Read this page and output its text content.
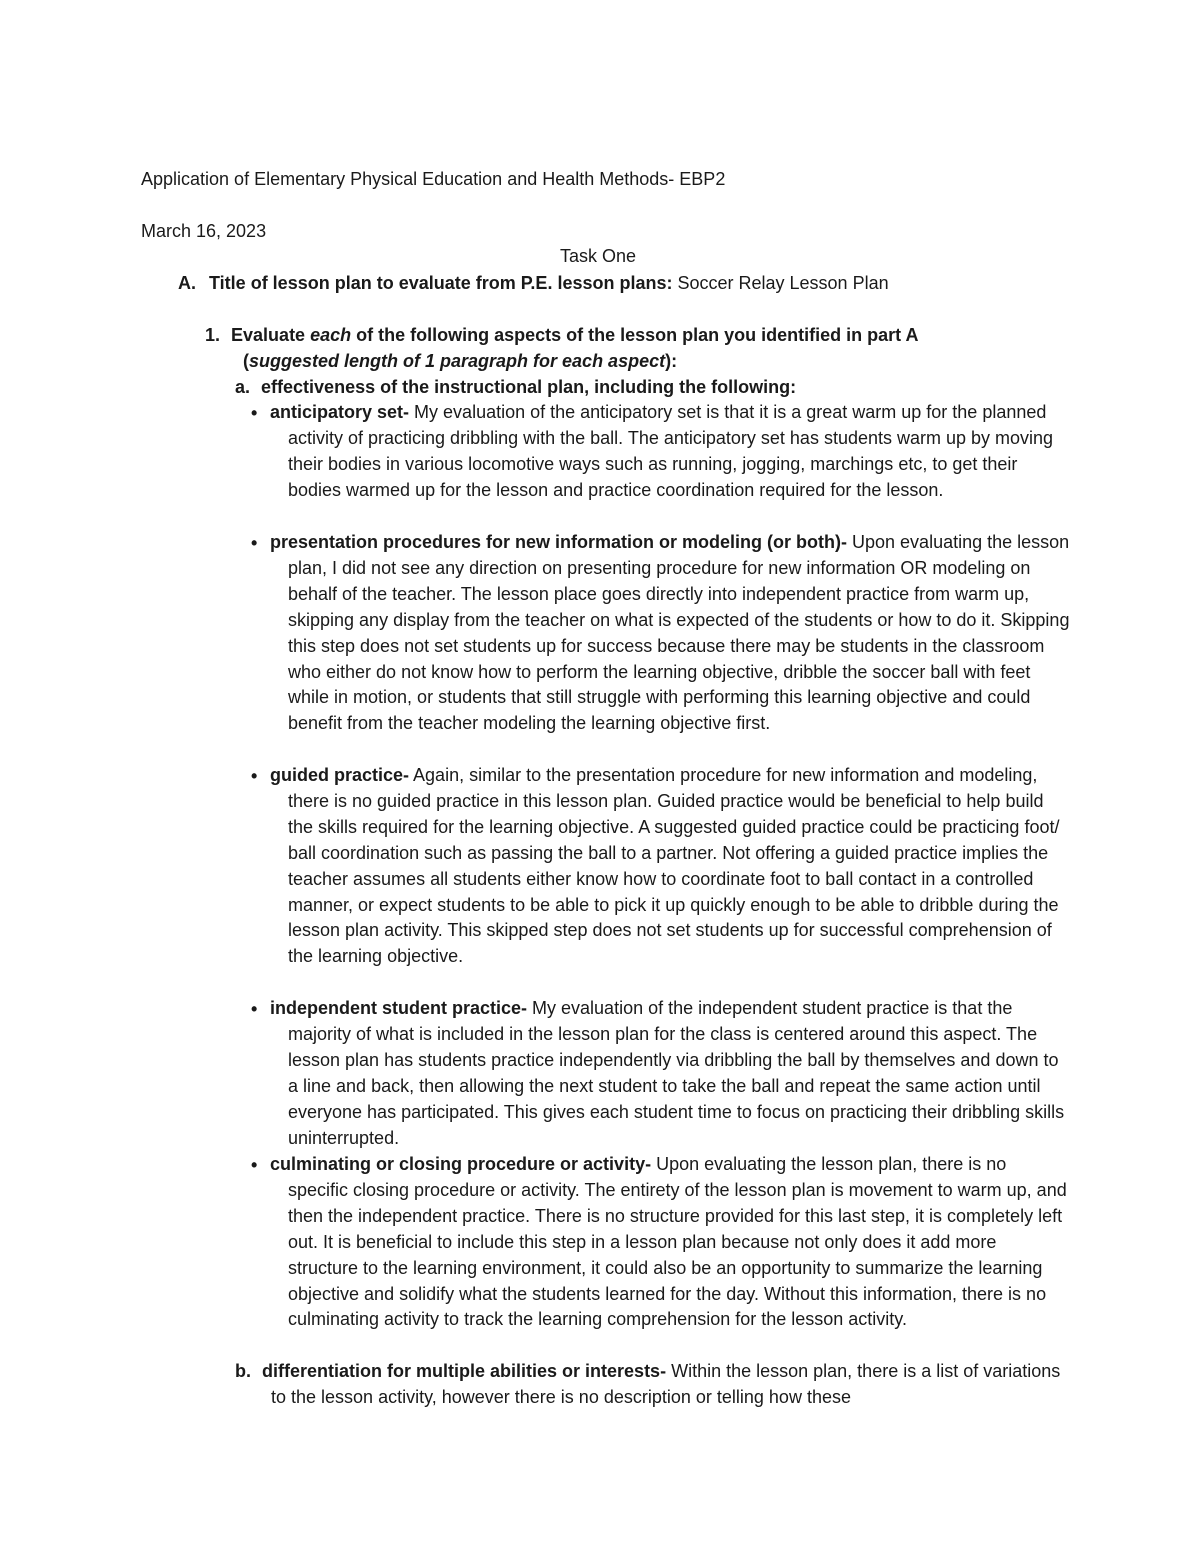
Application of Elementary Physical Education and Health Methods- EBP2
March 16, 2023
Task One
A. Title of lesson plan to evaluate from P.E. lesson plans: Soccer Relay Lesson Plan
1. Evaluate each of the following aspects of the lesson plan you identified in part A
(suggested length of 1 paragraph for each aspect):
a. effectiveness of the instructional plan, including the following:
• anticipatory set- My evaluation of the anticipatory set is that it is a great warm up for the planned activity of practicing dribbling with the ball. The anticipatory set has students warm up by moving their bodies in various locomotive ways such as running, jogging, marchings etc, to get their bodies warmed up for the lesson and practice coordination required for the lesson.
• presentation procedures for new information or modeling (or both)- Upon evaluating the lesson plan, I did not see any direction on presenting procedure for new information OR modeling on behalf of the teacher. The lesson place goes directly into independent practice from warm up, skipping any display from the teacher on what is expected of the students or how to do it. Skipping this step does not set students up for success because there may be students in the classroom who either do not know how to perform the learning objective, dribble the soccer ball with feet while in motion, or students that still struggle with performing this learning objective and could benefit from the teacher modeling the learning objective first.
• guided practice- Again, similar to the presentation procedure for new information and modeling, there is no guided practice in this lesson plan. Guided practice would be beneficial to help build the skills required for the learning objective. A suggested guided practice could be practicing foot/ ball coordination such as passing the ball to a partner. Not offering a guided practice implies the teacher assumes all students either know how to coordinate foot to ball contact in a controlled manner, or expect students to be able to pick it up quickly enough to be able to dribble during the lesson plan activity. This skipped step does not set students up for successful comprehension of the learning objective.
• independent student practice- My evaluation of the independent student practice is that the majority of what is included in the lesson plan for the class is centered around this aspect. The lesson plan has students practice independently via dribbling the ball by themselves and down to a line and back, then allowing the next student to take the ball and repeat the same action until everyone has participated. This gives each student time to focus on practicing their dribbling skills uninterrupted.
• culminating or closing procedure or activity- Upon evaluating the lesson plan, there is no specific closing procedure or activity. The entirety of the lesson plan is movement to warm up, and then the independent practice. There is no structure provided for this last step, it is completely left out. It is beneficial to include this step in a lesson plan because not only does it add more structure to the learning environment, it could also be an opportunity to summarize the learning objective and solidify what the students learned for the day. Without this information, there is no culminating activity to track the learning comprehension for the lesson activity.
b. differentiation for multiple abilities or interests- Within the lesson plan, there is a list of variations to the lesson activity, however there is no description or telling how these
